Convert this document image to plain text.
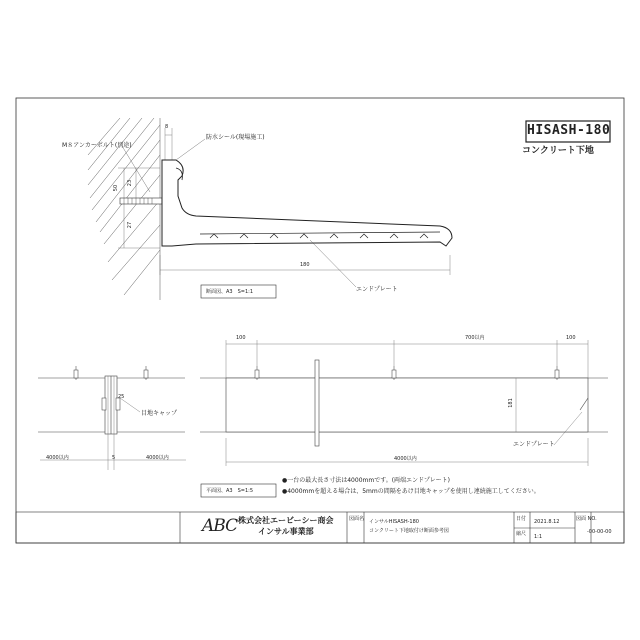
HISASH-180
コンクリート下地
M８アンカーボルト(別途)
防水シール(現場施工)
8
23
50
27
180
エンドプレート
断面図、A3　S=1:1
25
目地キャップ
4000以内	5	4000以内
100	700以内	100
181
エンドプレート
4000以内
平面図、A3　S=1:5
●一台の最大長さ寸法は4000mmです。(両端エンドプレート)
●4000mmを超える場合は、5mmの間隔をあけ目地キャップを使用し連続施工してください。
ABC 株式会社エービーシー商会
インサル事業部
図面名 インサルHISASH-180
コンクリート下地取付け断面参考図
日付 2021.8.12
縮尺 1:1
図面 NO.
　-00-00-00
